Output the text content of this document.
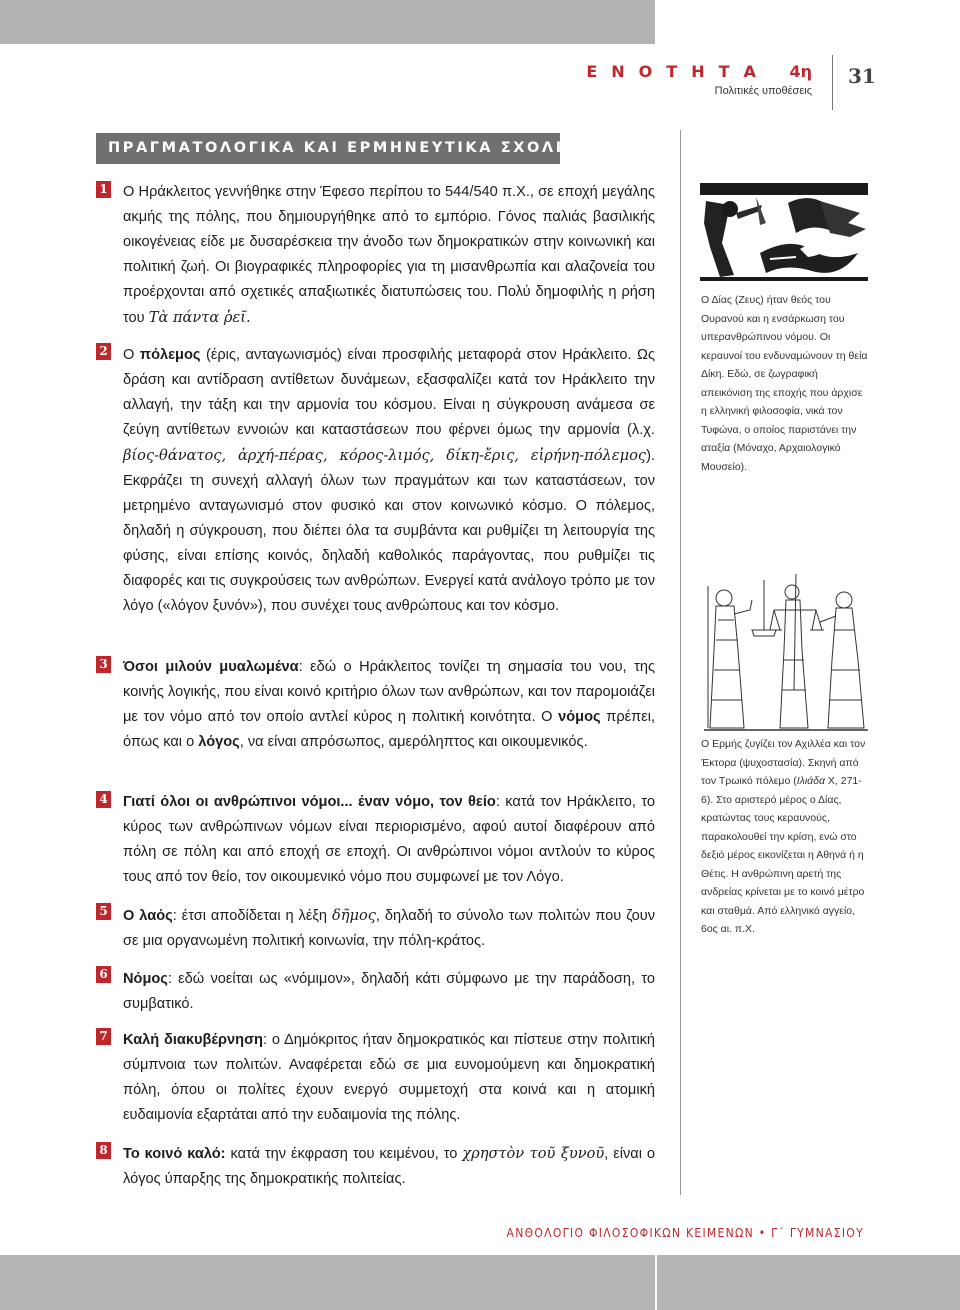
ΕΝΟΤΗΤΑ 4η
Πολιτικές υποθέσεις
31
ΠΡΑΓΜΑΤΟΛΟΓΙΚΑ ΚΑΙ ΕΡΜΗΝΕΥΤΙΚΑ ΣΧΟΛΙΑ
1 Ο Ηράκλειτος γεννήθηκε στην Έφεσο περίπου το 544/540 π.Χ., σε εποχή μεγάλης ακμής της πόλης, που δημιουργήθηκε από το εμπόριο. Γόνος παλιάς βασιλικής οικογένειας είδε με δυσαρέσκεια την άνοδο των δημοκρατικών στην κοινωνική και πολιτική ζωή. Οι βιογραφικές πληροφορίες για τη μισανθρωπία και αλαζονεία του προέρχονται από σχετικές απαξιωτικές διατυπώσεις του. Πολύ δημοφιλής η ρήση του Τὰ πάντα ῥεῖ.

2 Ο πόλεμος (έρις, ανταγωνισμός) είναι προσφιλής μεταφορά στον Ηράκλειτο. Ως δράση και αντίδραση αντίθετων δυνάμεων, εξασφαλίζει κατά τον Ηράκλειτο την αλλαγή, την τάξη και την αρμονία του κόσμου. Είναι η σύγκρουση ανάμεσα σε ζεύγη αντίθετων εννοιών και καταστάσεων που φέρνει όμως την αρμονία (λ.χ. βίος-θάνατος, ἀρχή-πέρας, κόρος-λιμός, δίκη-ἔρις, εἰρήνη-πόλεμος). Εκφράζει τη συνεχή αλλαγή όλων των πραγμάτων και των καταστάσεων, τον μετρημένο ανταγωνισμό στον φυσικό και στον κοινωνικό κόσμο. Ο πόλεμος, δηλαδή η σύγκρουση, που διέπει όλα τα συμβάντα και ρυθμίζει τη λειτουργία της φύσης, είναι επίσης κοινός, δηλαδή καθολικός παράγοντας, που ρυθμίζει τις διαφορές και τις συγκρούσεις των ανθρώπων. Ενεργεί κατά ανάλογο τρόπο με τον λόγο («λόγον ξυνόν»), που συνέχει τους ανθρώπους και τον κόσμο.

3 Όσοι μιλούν μυαλωμένα: εδώ ο Ηράκλειτος τονίζει τη σημασία του νου, της κοινής λογικής, που είναι κοινό κριτήριο όλων των ανθρώπων, και τον παρομοιάζει με τον νόμο από τον οποίο αντλεί κύρος η πολιτική κοινότητα. Ο νόμος πρέπει, όπως και ο λόγος, να είναι απρόσωπος, αμερόληπτος και οικουμενικός.

4 Γιατί όλοι οι ανθρώπινοι νόμοι... έναν νόμο, τον θείο: κατά τον Ηράκλειτο, το κύρος των ανθρώπινων νόμων είναι περιορισμένο, αφού αυτοί διαφέρουν από πόλη σε πόλη και από εποχή σε εποχή. Οι ανθρώπινοι νόμοι αντλούν το κύρος τους από τον θείο, τον οικουμενικό νόμο που συμφωνεί με τον Λόγο.

5 Ο λαός: έτσι αποδίδεται η λέξη δῆμος, δηλαδή το σύνολο των πολιτών που ζουν σε μια οργανωμένη πολιτική κοινωνία, την πόλη-κράτος.

6 Νόμος: εδώ νοείται ως «νόμιμον», δηλαδή κάτι σύμφωνο με την παράδοση, το συμβατικό.

7 Καλή διακυβέρνηση: ο Δημόκριτος ήταν δημοκρατικός και πίστευε στην πολιτική σύμπνοια των πολιτών. Αναφέρεται εδώ σε μια ευνομούμενη και δημοκρατική πόλη, όπου οι πολίτες έχουν ενεργό συμμετοχή στα κοινά και η ατομική ευδαιμονία εξαρτάται από την ευδαιμονία της πόλης.

8 Το κοινό καλό: κατά την έκφραση του κειμένου, το χρηστὸν τοῦ ξυνοῦ, είναι ο λόγος ύπαρξης της δημοκρατικής πολιτείας.

Ο Δίας (Ζευς) ήταν θεός του Ουρανού και η ενσάρκωση του υπερανθρώπινου νόμου. Οι κεραυνοί του ενδυναμώνουν τη θεία Δίκη. Εδώ, σε ζωγραφική απεικόνιση της εποχής που άρχισε η ελληνική φιλοσοφία, νικά τον Τυφώνα, ο οποίος παριστάνει την αταξία (Μόναχο, Αρχαιολογικό Μουσείο).

Ο Ερμής ζυγίζει τον Αχιλλέα και τον Έκτορα (ψυχοστασία). Σκηνή από τον Τρωικό πόλεμο (Ιλιάδα Χ, 271-6). Στο αριστερό μέρος ο Δίας, κρατώντας τους κεραυνούς, παρακολουθεί την κρίση, ενώ στο δεξιό μέρος εικονίζεται η Αθηνά ή η Θέτις. Η ανθρώπινη αρετή της ανδρείας κρίνεται με το κοινό μέτρο και σταθμά. Από ελληνικό αγγείο, 6ος αι. π.Χ.

ΑΝΘΟΛΟΓΙΟ ΦΙΛΟΣΟΦΙΚΩΝ ΚΕΙΜΕΝΩΝ • Γ΄ ΓΥΜΝΑΣΙΟΥ
